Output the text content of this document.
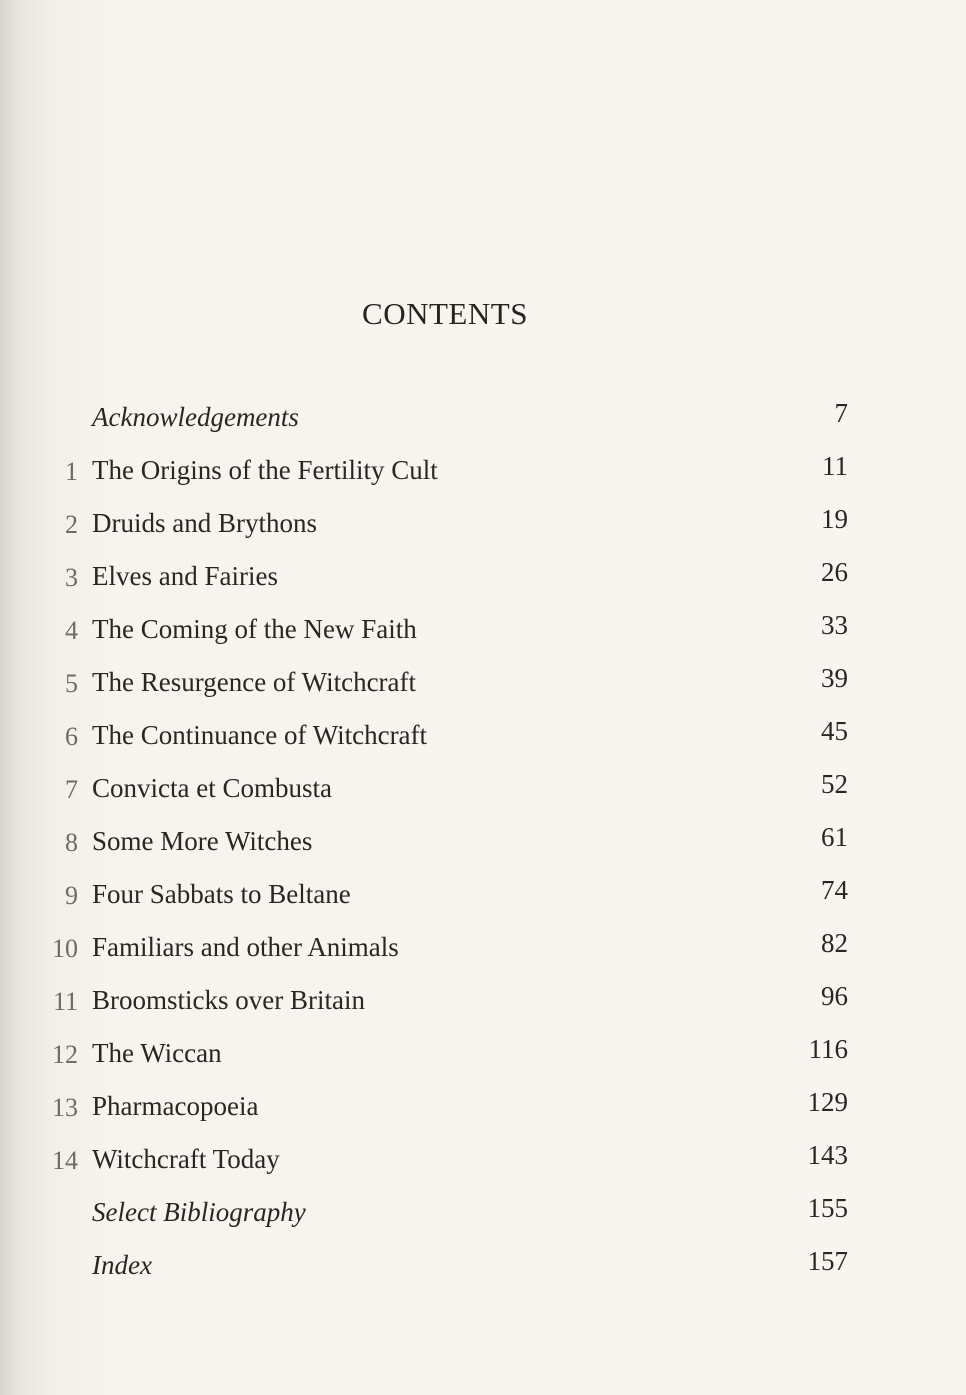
CONTENTS
Acknowledgements	7
1 The Origins of the Fertility Cult	11
2 Druids and Brythons	19
3 Elves and Fairies	26
4 The Coming of the New Faith	33
5 The Resurgence of Witchcraft	39
6 The Continuance of Witchcraft	45
7 Convicta et Combusta	52
8 Some More Witches	61
9 Four Sabbats to Beltane	74
10 Familiars and other Animals	82
11 Broomsticks over Britain	96
12 The Wiccan	116
13 Pharmacopoeia	129
14 Witchcraft Today	143
Select Bibliography	155
Index	157
